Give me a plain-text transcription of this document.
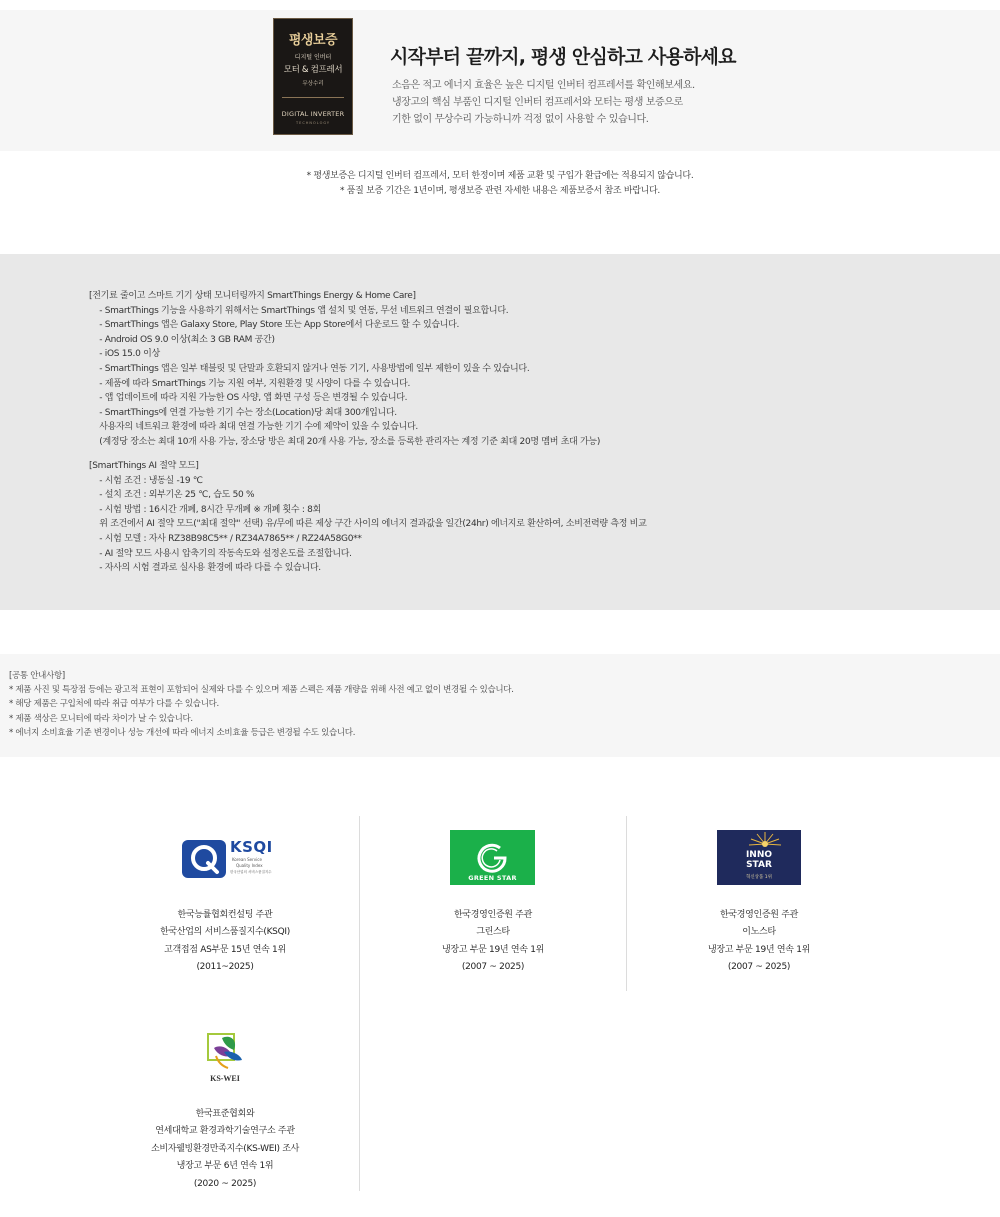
평생보증
디지털 인버터
모터 & 컴프레서
무상수리
DIGITAL INVERTER
TECHNOLOGY
시작부터 끝까지, 평생 안심하고 사용하세요
소음은 적고 에너지 효율은 높은 디지털 인버터 컴프레서를 확인해보세요.
냉장고의 핵심 부품인 디지털 인버터 컴프레서와 모터는 평생 보증으로
기한 없이 무상수리 가능하니까 걱정 없이 사용할 수 있습니다.
* 평생보증은 디지털 인버터 컴프레서, 모터 한정이며 제품 교환 및 구입가 환급에는 적용되지 않습니다.
* 품질 보증 기간은 1년이며, 평생보증 관련 자세한 내용은 제품보증서 참조 바랍니다.
[전기료 줄이고 스마트 기기 상태 모니터링까지 SmartThings Energy & Home Care]
- SmartThings 기능을 사용하기 위해서는 SmartThings 앱 설치 및 연동, 무선 네트워크 연결이 필요합니다.
- SmartThings 앱은 Galaxy Store, Play Store 또는 App Store에서 다운로드 할 수 있습니다.
- Android OS 9.0 이상(최소 3 GB RAM 공간)
- iOS 15.0 이상
- SmartThings 앱은 일부 태블릿 및 단말과 호환되지 않거나 연동 기기, 사용방법에 일부 제한이 있을 수 있습니다.
- 제품에 따라 SmartThings 기능 지원 여부, 지원환경 및 사양이 다를 수 있습니다.
- 앱 업데이트에 따라 지원 가능한 OS 사양, 앱 화면 구성 등은 변경될 수 있습니다.
- SmartThings에 연결 가능한 기기 수는 장소(Location)당 최대 300개입니다.
사용자의 네트워크 환경에 따라 최대 연결 가능한 기기 수에 제약이 있을 수 있습니다.
(계정당 장소는 최대 10개 사용 가능, 장소당 방은 최대 20개 사용 가능, 장소를 등록한 관리자는 계정 기준 최대 20명 멤버 초대 가능)
[SmartThings AI 절약 모드]
- 시험 조건 : 냉동실 -19 ℃
- 설치 조건 : 외부기온 25 ℃, 습도 50 %
- 시험 방법 : 16시간 개폐, 8시간 무개폐 ※ 개폐 횟수 : 8회
위 조건에서 AI 절약 모드("최대 절약" 선택) 유/무에 따른 제상 구간 사이의 에너지 결과값을 일간(24hr) 에너지로 환산하여, 소비전력량 측정 비교
- 시험 모델 : 자사 RZ38B98C5** / RZ34A7865** / RZ24A58G0**
- AI 절약 모드 사용시 압축기의 작동속도와 설정온도를 조절합니다.
- 자사의 시험 결과로 실사용 환경에 따라 다를 수 있습니다.
[공통 안내사항]
* 제품 사진 및 특장점 등에는 광고적 표현이 포함되어 실제와 다를 수 있으며 제품 스펙은 제품 개량을 위해 사전 예고 없이 변경될 수 있습니다.
* 해당 제품은 구입처에 따라 취급 여부가 다를 수 있습니다.
* 제품 색상은 모니터에 따라 차이가 날 수 있습니다.
* 에너지 소비효율 기준 변경이나 성능 개선에 따라 에너지 소비효율 등급은 변경될 수도 있습니다.
KSQI
Korean Service
Quality Index
한국산업의 서비스품질지수
GREEN STAR
INNO
STAR
혁신상품 1위
KS-WEI
한국능률협회컨설팅 주관
한국산업의 서비스품질지수(KSQI)
고객접점 AS부문 15년 연속 1위
(2011~2025)
한국경영인증원 주관
그린스타
냉장고 부문 19년 연속 1위
(2007 ~ 2025)
한국경영인증원 주관
이노스타
냉장고 부문 19년 연속 1위
(2007 ~ 2025)
한국표준협회와
연세대학교 환경과학기술연구소 주관
소비자웰빙환경만족지수(KS-WEI) 조사
냉장고 부문 6년 연속 1위
(2020 ~ 2025)
